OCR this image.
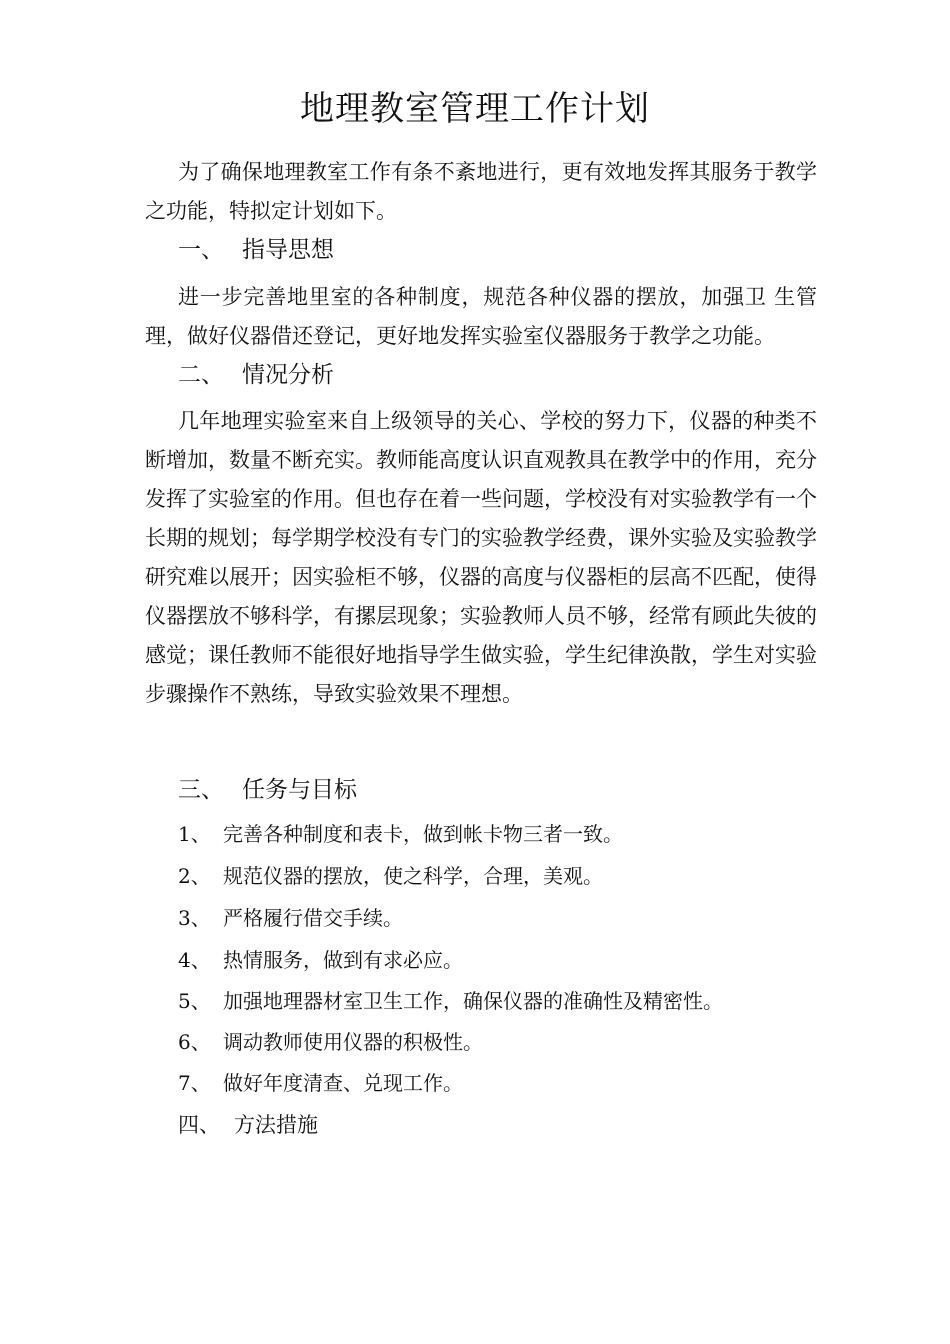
地理教室管理工作计划
为了确保地理教室工作有条不紊地进行，更有效地发挥其服务于教学之功能，特拟定计划如下。
一、 指导思想
进一步完善地里室的各种制度，规范各种仪器的摆放，加强卫 生管理，做好仪器借还登记，更好地发挥实验室仪器服务于教学之功能。
二、 情况分析
几年地理实验室来自上级领导的关心、学校的努力下，仪器的种类不断增加，数量不断充实。教师能高度认识直观教具在教学中的作用，充分发挥了实验室的作用。但也存在着一些问题，学校没有对实验教学有一个长期的规划；每学期学校没有专门的实验教学经费，课外实验及实验教学研究难以展开；因实验柜不够，仪器的高度与仪器柜的层高不匹配，使得仪器摆放不够科学，有摞层现象；实验教师人员不够，经常有顾此失彼的感觉；课任教师不能很好地指导学生做实验，学生纪律涣散，学生对实验步骤操作不熟练，导致实验效果不理想。
三、 任务与目标
1、 完善各种制度和表卡，做到帐卡物三者一致。
2、 规范仪器的摆放，使之科学，合理，美观。
3、 严格履行借交手续。
4、 热情服务，做到有求必应。
5、 加强地理器材室卫生工作，确保仪器的准确性及精密性。
6、 调动教师使用仪器的积极性。
7、 做好年度清查、兑现工作。
四、 方法措施
